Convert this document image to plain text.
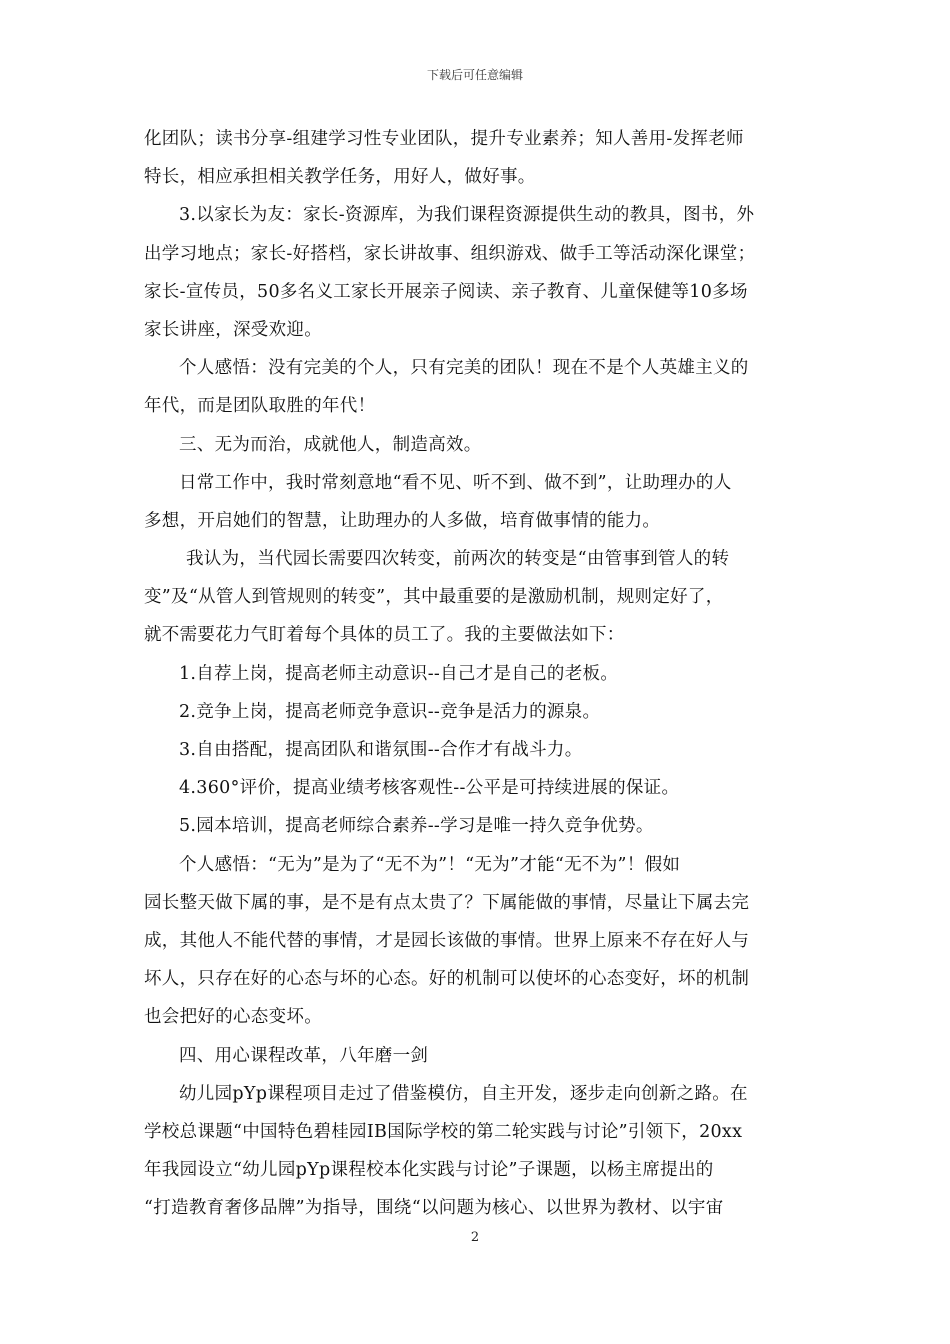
下载后可任意编辑
化团队；读书分享-组建学习性专业团队，提升专业素养；知人善用-发挥老师
特长，相应承担相关教学任务，用好人，做好事。
3.以家长为友：家长-资源库，为我们课程资源提供生动的教具，图书，外
出学习地点；家长-好搭档，家长讲故事、组织游戏、做手工等活动深化课堂；
家长-宣传员，50多名义工家长开展亲子阅读、亲子教育、儿童保健等10多场
家长讲座，深受欢迎。
个人感悟：没有完美的个人，只有完美的团队！现在不是个人英雄主义的
年代，而是团队取胜的年代！
三、无为而治，成就他人，制造高效。
日常工作中，我时常刻意地“看不见、听不到、做不到”，让助理办的人
多想，开启她们的智慧，让助理办的人多做，培育做事情的能力。
我认为，当代园长需要四次转变，前两次的转变是“由管事到管人的转
变”及“从管人到管规则的转变”，其中最重要的是激励机制，规则定好了，
就不需要花力气盯着每个具体的员工了。我的主要做法如下：
1.自荐上岗，提高老师主动意识--自己才是自己的老板。
2.竞争上岗，提高老师竞争意识--竞争是活力的源泉。
3.自由搭配，提高团队和谐氛围--合作才有战斗力。
4.360°评价，提高业绩考核客观性--公平是可持续进展的保证。
5.园本培训，提高老师综合素养--学习是唯一持久竞争优势。
个人感悟：“无为”是为了“无不为”！“无为”才能“无不为”！假如
园长整天做下属的事，是不是有点太贵了？下属能做的事情，尽量让下属去完
成，其他人不能代替的事情，才是园长该做的事情。世界上原来不存在好人与
坏人，只存在好的心态与坏的心态。好的机制可以使坏的心态变好，坏的机制
也会把好的心态变坏。
四、用心课程改革，八年磨一剑
幼儿园pYp课程项目走过了借鉴模仿，自主开发，逐步走向创新之路。在
学校总课题“中国特色碧桂园IB国际学校的第二轮实践与讨论”引领下，20xx
年我园设立“幼儿园pYp课程校本化实践与讨论”子课题，以杨主席提出的
“打造教育奢侈品牌”为指导，围绕“以问题为核心、以世界为教材、以宇宙
2
